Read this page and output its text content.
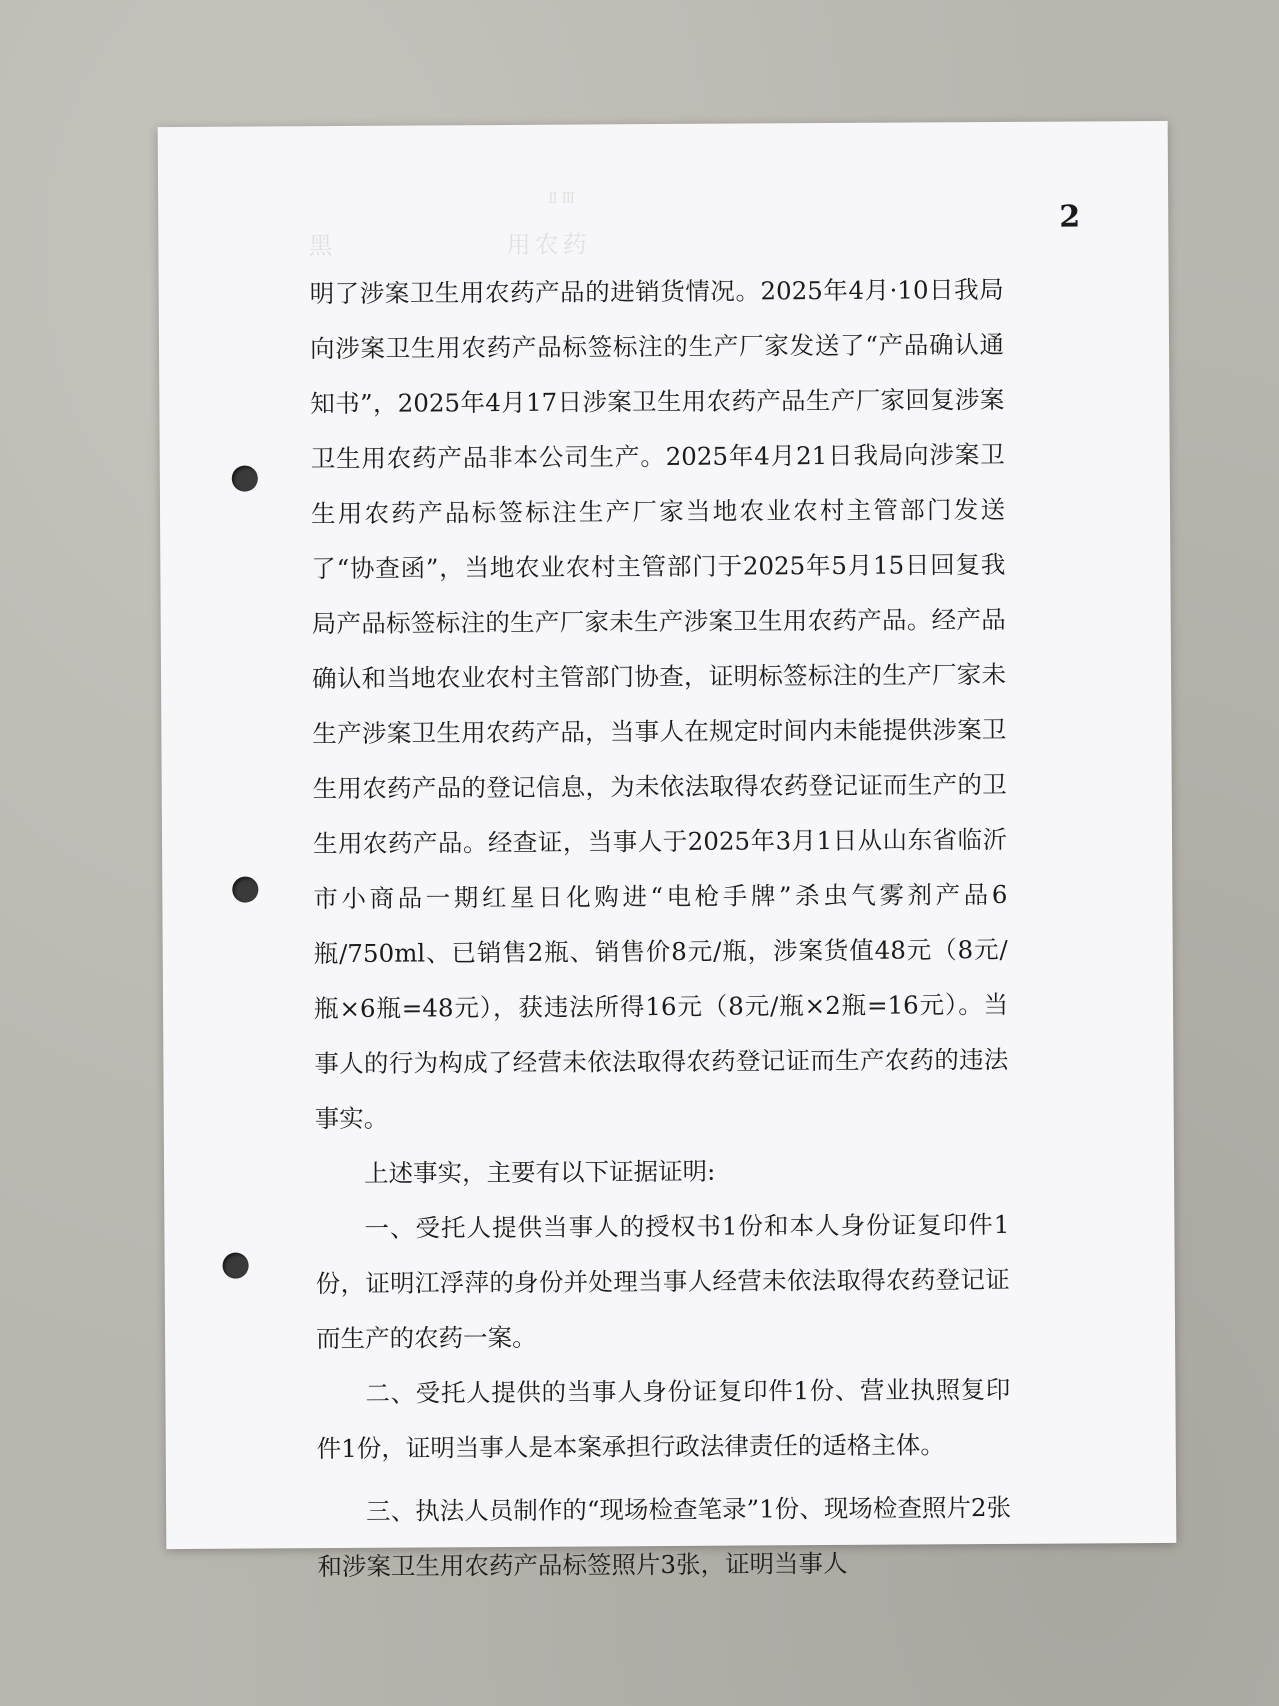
ⅡⅢ
黑 　 　 　 　 用农药
2

明了涉案卫生用农药产品的进销货情况。2025年4月·10日我局向涉案卫生用农药产品标签标注的生产厂家发送了“产品确认通知书”，2025年4月17日涉案卫生用农药产品生产厂家回复涉案卫生用农药产品非本公司生产。2025年4月21日我局向涉案卫生用农药产品标签标注生产厂家当地农业农村主管部门发送了“协查函”，当地农业农村主管部门于2025年5月15日回复我局产品标签标注的生产厂家未生产涉案卫生用农药产品。经产品确认和当地农业农村主管部门协查，证明标签标注的生产厂家未生产涉案卫生用农药产品，当事人在规定时间内未能提供涉案卫生用农药产品的登记信息，为未依法取得农药登记证而生产的卫生用农药产品。经查证，当事人于2025年3月1日从山东省临沂市小商品一期红星日化购进“电枪手牌”杀虫气雾剂产品6瓶/750ml、已销售2瓶、销售价8元/瓶，涉案货值48元（8元/瓶×6瓶=48元），获违法所得16元（8元/瓶×2瓶=16元）。当事人的行为构成了经营未依法取得农药登记证而生产农药的违法事实。

上述事实，主要有以下证据证明:

一、受托人提供当事人的授权书1份和本人身份证复印件1份，证明江浮萍的身份并处理当事人经营未依法取得农药登记证而生产的农药一案。

二、受托人提供的当事人身份证复印件1份、营业执照复印件1份，证明当事人是本案承担行政法律责任的适格主体。

三、执法人员制作的“现场检查笔录”1份、现场检查照片2张和涉案卫生用农药产品标签照片3张，证明当事人
